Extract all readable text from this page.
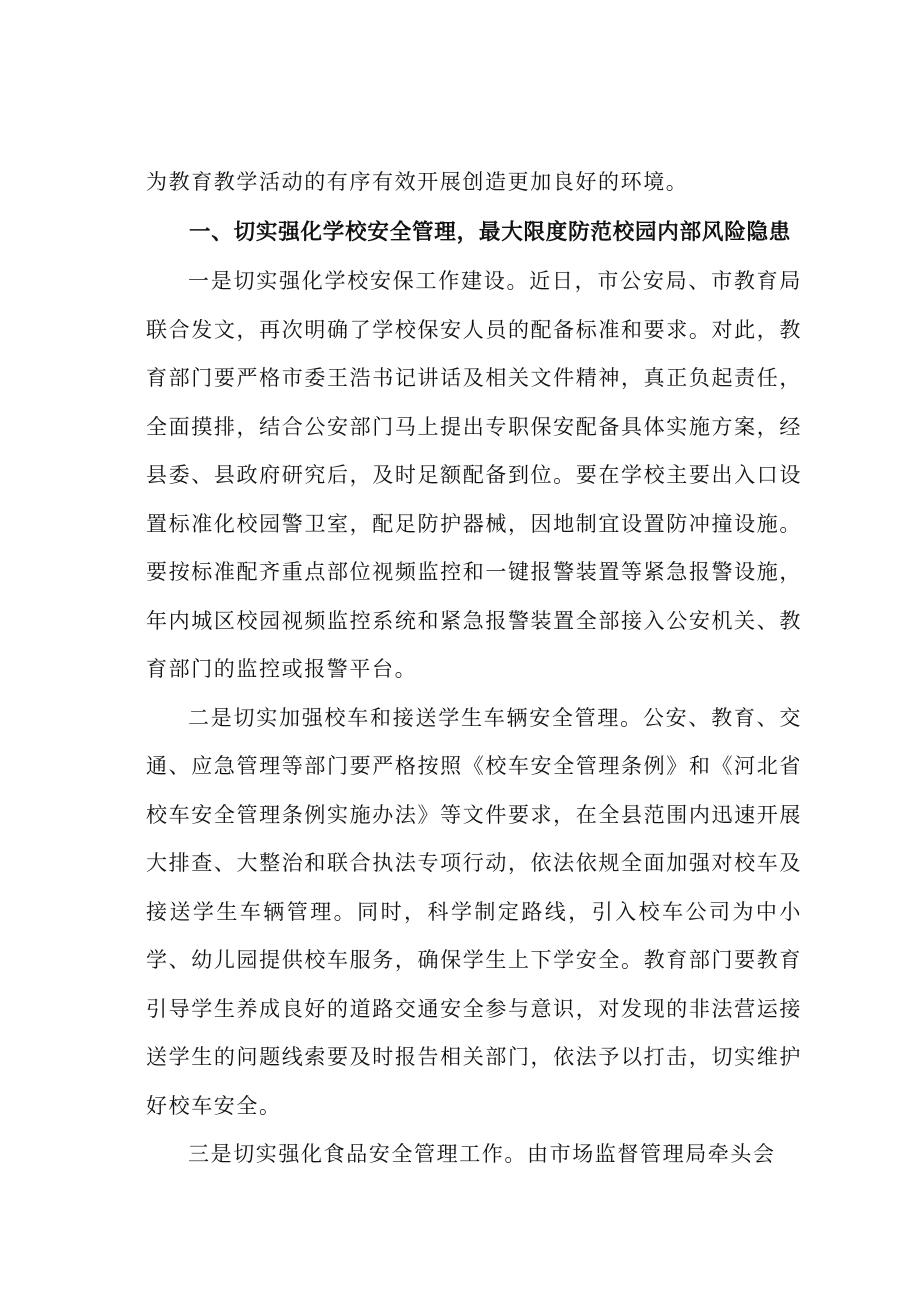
为教育教学活动的有序有效开展创造更加良好的环境。

一、切实强化学校安全管理，最大限度防范校园内部风险隐患

一是切实强化学校安保工作建设。近日，市公安局、市教育局联合发文，再次明确了学校保安人员的配备标准和要求。对此，教育部门要严格市委王浩书记讲话及相关文件精神，真正负起责任，全面摸排，结合公安部门马上提出专职保安配备具体实施方案，经县委、县政府研究后，及时足额配备到位。要在学校主要出入口设置标准化校园警卫室，配足防护器械，因地制宜设置防冲撞设施。要按标准配齐重点部位视频监控和一键报警装置等紧急报警设施，年内城区校园视频监控系统和紧急报警装置全部接入公安机关、教育部门的监控或报警平台。

二是切实加强校车和接送学生车辆安全管理。公安、教育、交通、应急管理等部门要严格按照《校车安全管理条例》和《河北省校车安全管理条例实施办法》等文件要求，在全县范围内迅速开展大排查、大整治和联合执法专项行动，依法依规全面加强对校车及接送学生车辆管理。同时，科学制定路线，引入校车公司为中小学、幼儿园提供校车服务，确保学生上下学安全。教育部门要教育引导学生养成良好的道路交通安全参与意识，对发现的非法营运接送学生的问题线索要及时报告相关部门，依法予以打击，切实维护好校车安全。

三是切实强化食品安全管理工作。由市场监督管理局牵头会
